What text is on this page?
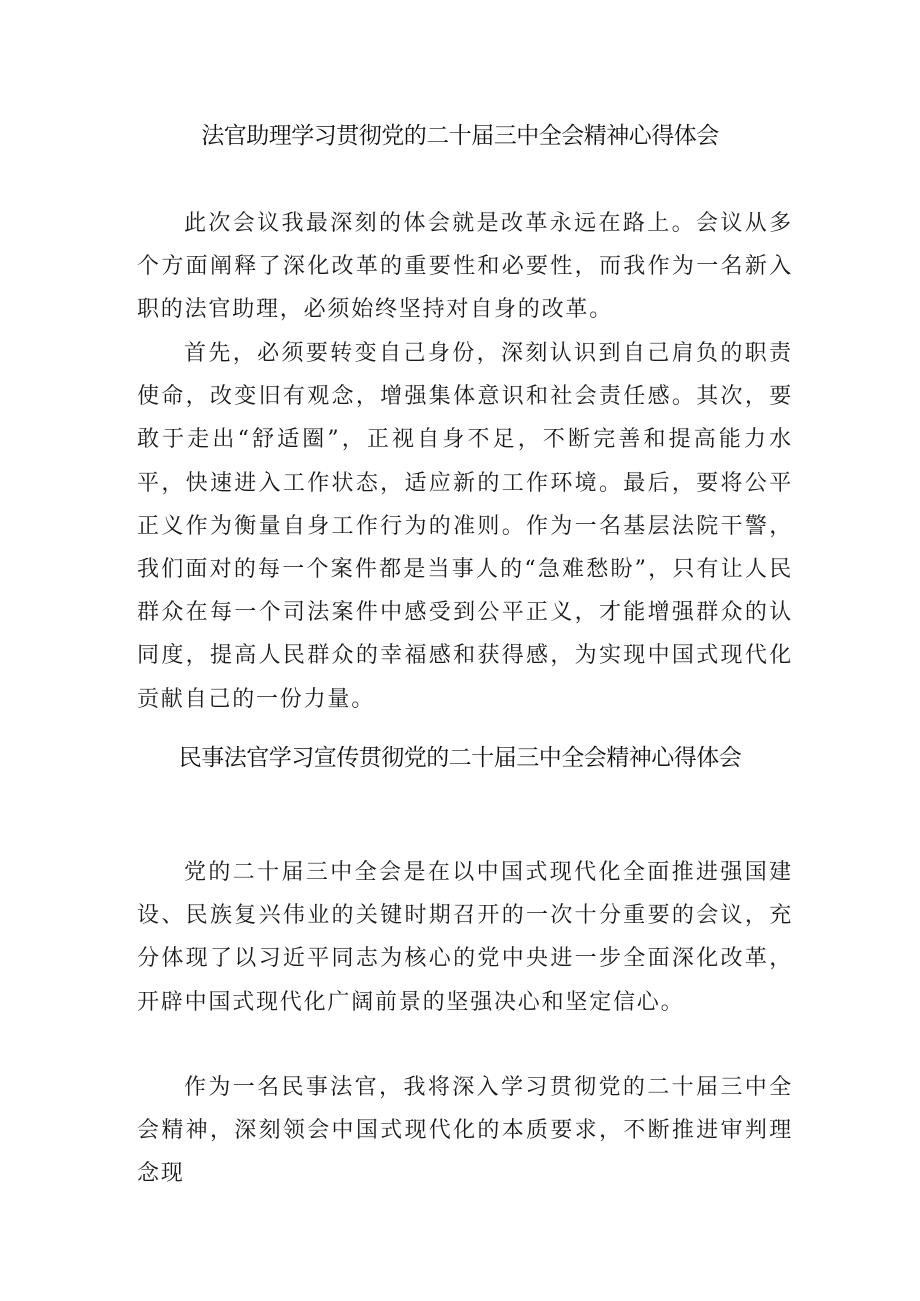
法官助理学习贯彻党的二十届三中全会精神心得体会

此次会议我最深刻的体会就是改革永远在路上。会议从多个方面阐释了深化改革的重要性和必要性，而我作为一名新入职的法官助理，必须始终坚持对自身的改革。

首先，必须要转变自己身份，深刻认识到自己肩负的职责使命，改变旧有观念，增强集体意识和社会责任感。其次，要敢于走出“舒适圈”，正视自身不足，不断完善和提高能力水平，快速进入工作状态，适应新的工作环境。最后，要将公平正义作为衡量自身工作行为的准则。作为一名基层法院干警，我们面对的每一个案件都是当事人的“急难愁盼”，只有让人民群众在每一个司法案件中感受到公平正义，才能增强群众的认同度，提高人民群众的幸福感和获得感，为实现中国式现代化贡献自己的一份力量。

民事法官学习宣传贯彻党的二十届三中全会精神心得体会

党的二十届三中全会是在以中国式现代化全面推进强国建设、民族复兴伟业的关键时期召开的一次十分重要的会议，充分体现了以习近平同志为核心的党中央进一步全面深化改革，开辟中国式现代化广阔前景的坚强决心和坚定信心。

作为一名民事法官，我将深入学习贯彻党的二十届三中全会精神，深刻领会中国式现代化的本质要求，不断推进审判理念现
